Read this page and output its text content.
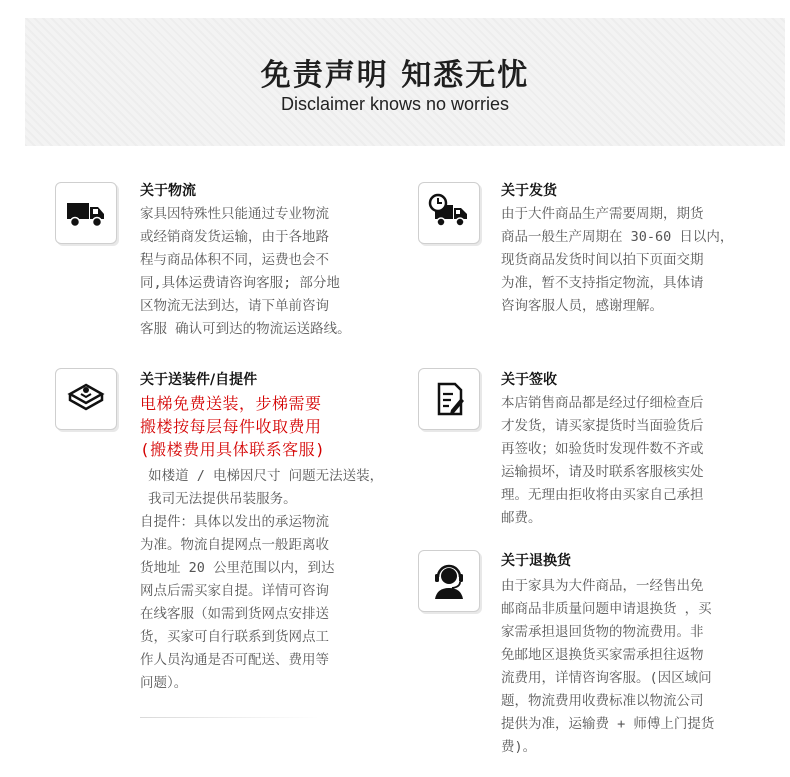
免责声明 知悉无忧
Disclaimer knows no worries
关于物流
家具因特殊性只能通过专业物流
或经销商发货运输，由于各地路
程与商品体积不同，运费也会不
同,具体运费请咨询客服; 部分地
区物流无法到达，请下单前咨询
客服 确认可到达的物流运送路线。
关于发货
由于大件商品生产需要周期，期货
商品一般生产周期在 30-60 日以内，
现货商品发货时间以拍下页面交期
为准，暂不支持指定物流，具体请
咨询客服人员，感谢理解。
关于送装件/自提件
电梯免费送装，步梯需要
搬楼按每层每件收取费用
(搬楼费用具体联系客服)
如楼道 / 电梯因尺寸 问题无法送装，
我司无法提供吊装服务。
自提件：具体以发出的承运物流
为准。物流自提网点一般距离收
货地址 20 公里范围以内，到达
网点后需买家自提。详情可咨询
在线客服（如需到货网点安排送
货，买家可自行联系到货网点工
作人员沟通是否可配送、费用等
问题）。
关于签收
本店销售商品都是经过仔细检查后
才发货，请买家提货时当面验货后
再签收；如验货时发现件数不齐或
运输损坏，请及时联系客服核实处
理。无理由拒收将由买家自己承担
邮费。
关于退换货
由于家具为大件商品，一经售出免
邮商品非质量问题申请退换货 ，买
家需承担退回货物的物流费用。非
免邮地区退换货买家需承担往返物
流费用，详情咨询客服。(因区域问
题，物流费用收费标准以物流公司
提供为准，运输费 + 师傅上门提货
费)。
